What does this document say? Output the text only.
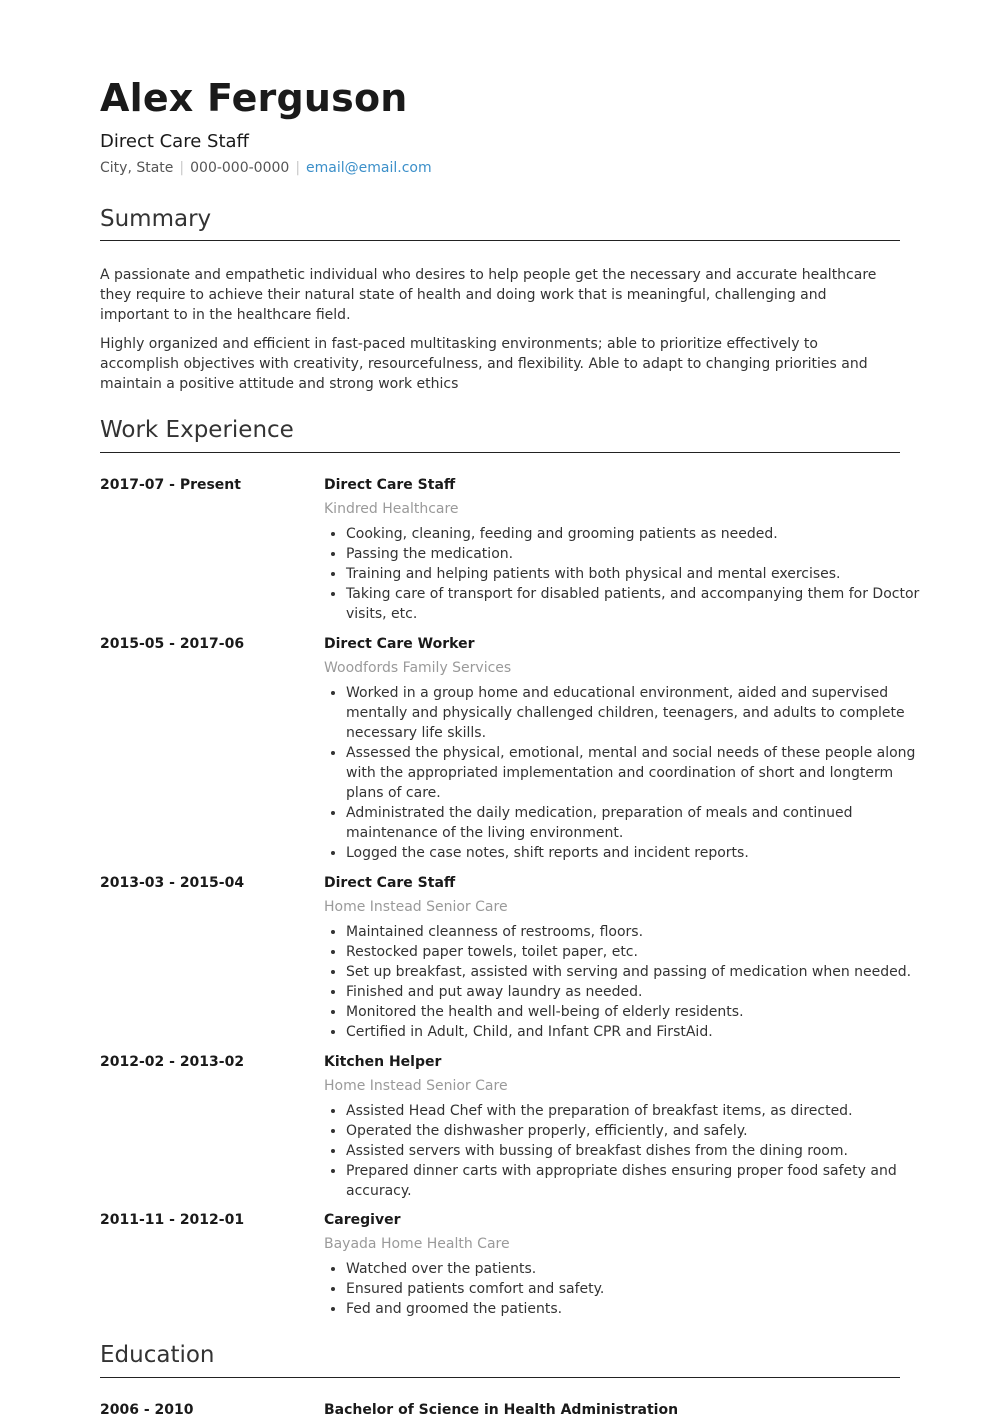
Alex Ferguson
Direct Care Staff
City, State | 000-000-0000 | email@email.com
Summary

A passionate and empathetic individual who desires to help people get the necessary and accurate healthcare they require to achieve their natural state of health and doing work that is meaningful, challenging and important to in the healthcare field.

Highly organized and efficient in fast-paced multitasking environments; able to prioritize effectively to accomplish objectives with creativity, resourcefulness, and flexibility. Able to adapt to changing priorities and maintain a positive attitude and strong work ethics

Work Experience
2017-07 - Present	Direct Care Staff
Kindred Healthcare
• Cooking, cleaning, feeding and grooming patients as needed.
• Passing the medication.
• Training and helping patients with both physical and mental exercises.
• Taking care of transport for disabled patients, and accompanying them for Doctor visits, etc.
2015-05 - 2017-06	Direct Care Worker
Woodfords Family Services
• Worked in a group home and educational environment, aided and supervised mentally and physically challenged children, teenagers, and adults to complete necessary life skills.
• Assessed the physical, emotional, mental and social needs of these people along with the appropriated implementation and coordination of short and longterm plans of care.
• Administrated the daily medication, preparation of meals and continued maintenance of the living environment.
• Logged the case notes, shift reports and incident reports.
2013-03 - 2015-04	Direct Care Staff
Home Instead Senior Care
• Maintained cleanness of restrooms, floors.
• Restocked paper towels, toilet paper, etc.
• Set up breakfast, assisted with serving and passing of medication when needed.
• Finished and put away laundry as needed.
• Monitored the health and well-being of elderly residents.
• Certified in Adult, Child, and Infant CPR and FirstAid.
2012-02 - 2013-02	Kitchen Helper
Home Instead Senior Care
• Assisted Head Chef with the preparation of breakfast items, as directed.
• Operated the dishwasher properly, efficiently, and safely.
• Assisted servers with bussing of breakfast dishes from the dining room.
• Prepared dinner carts with appropriate dishes ensuring proper food safety and accuracy.
2011-11 - 2012-01	Caregiver
Bayada Home Health Care
• Watched over the patients.
• Ensured patients comfort and safety.
• Fed and groomed the patients.
Education
2006 - 2010	Bachelor of Science in Health Administration
